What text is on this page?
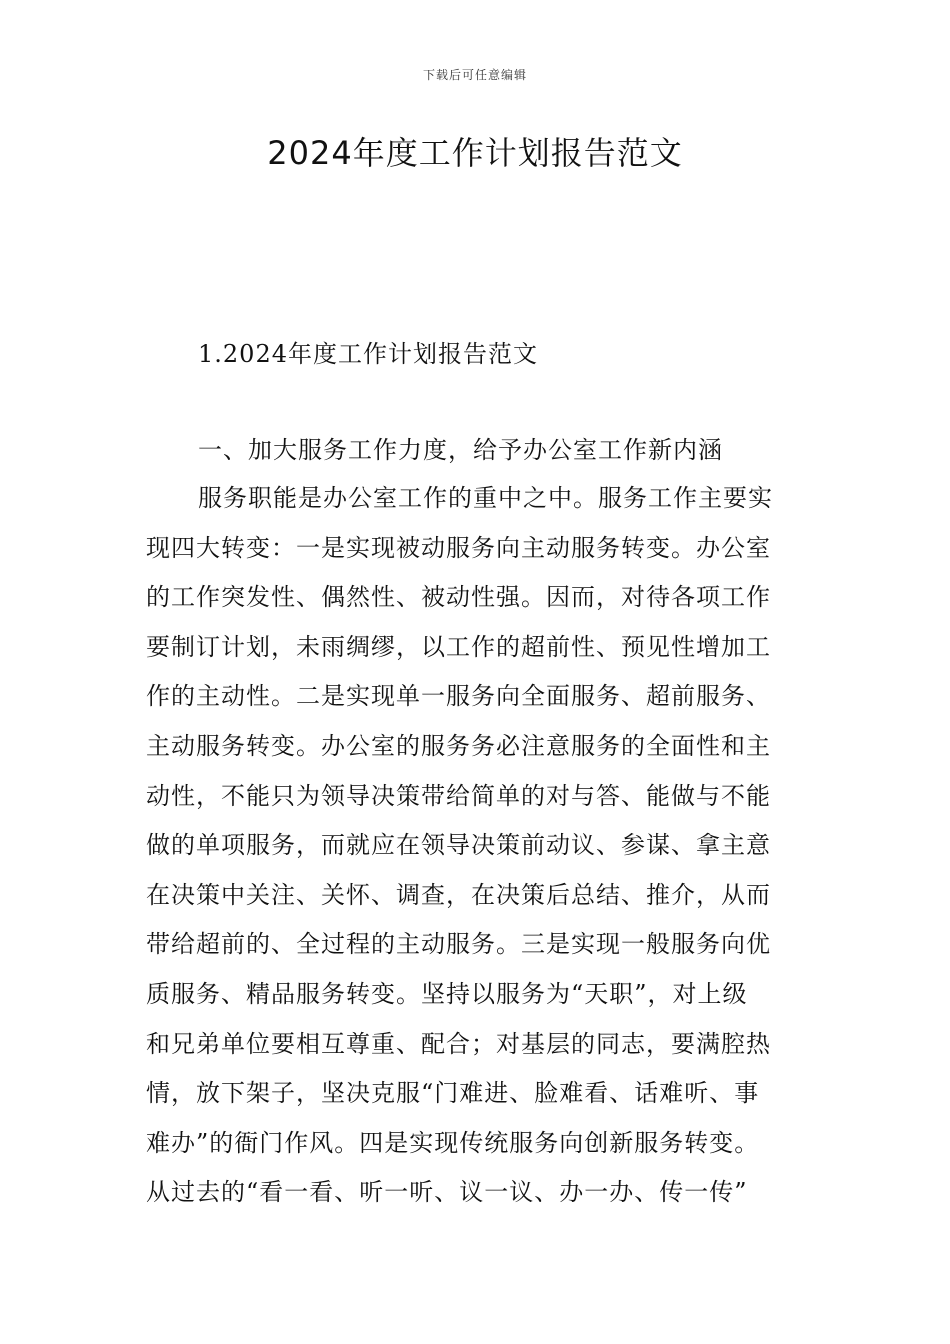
下载后可任意编辑
2024年度工作计划报告范文

1.2024年度工作计划报告范文

一、加大服务工作力度，给予办公室工作新内涵

服务职能是办公室工作的重中之中。服务工作主要实
现四大转变：一是实现被动服务向主动服务转变。办公室
的工作突发性、偶然性、被动性强。因而，对待各项工作
要制订计划，未雨绸缪，以工作的超前性、预见性增加工
作的主动性。二是实现单一服务向全面服务、超前服务、
主动服务转变。办公室的服务务必注意服务的全面性和主
动性，不能只为领导决策带给简单的对与答、能做与不能
做的单项服务，而就应在领导决策前动议、参谋、拿主意
在决策中关注、关怀、调查，在决策后总结、推介，从而
带给超前的、全过程的主动服务。三是实现一般服务向优
质服务、精品服务转变。坚持以服务为“天职”，对上级
和兄弟单位要相互尊重、配合；对基层的同志，要满腔热
情，放下架子，坚决克服“门难进、脸难看、话难听、事
难办”的衙门作风。四是实现传统服务向创新服务转变。
从过去的“看一看、听一听、议一议、办一办、传一传”
